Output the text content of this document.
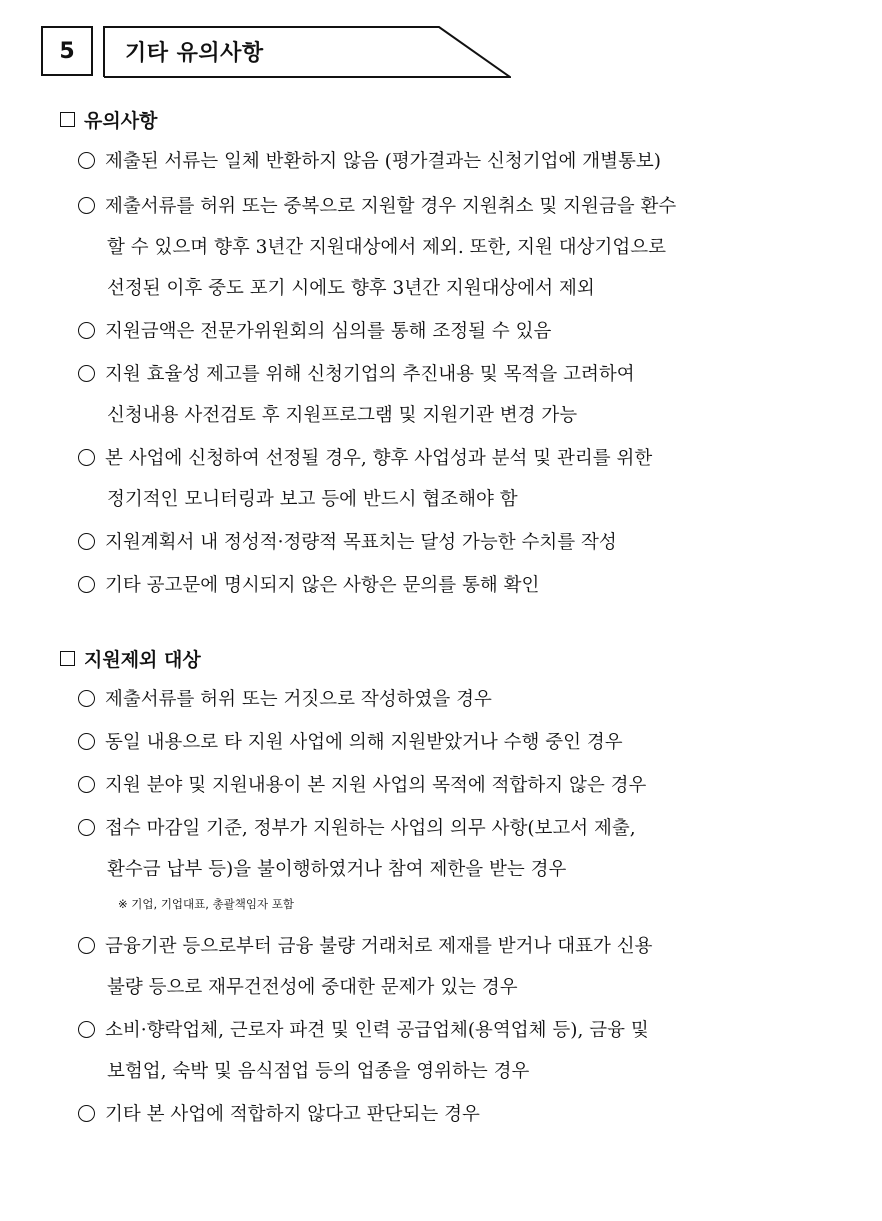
5 기타 유의사항
유의사항
제출된 서류는 일체 반환하지 않음 (평가결과는 신청기업에 개별통보)
제출서류를 허위 또는 중복으로 지원할 경우 지원취소 및 지원금을 환수
할 수 있으며 향후 3년간 지원대상에서 제외. 또한, 지원 대상기업으로
선정된 이후 중도 포기 시에도 향후 3년간 지원대상에서 제외
지원금액은 전문가위원회의 심의를 통해 조정될 수 있음
지원 효율성 제고를 위해 신청기업의 추진내용 및 목적을 고려하여
신청내용 사전검토 후 지원프로그램 및 지원기관 변경 가능
본 사업에 신청하여 선정될 경우, 향후 사업성과 분석 및 관리를 위한
정기적인 모니터링과 보고 등에 반드시 협조해야 함
지원계획서 내 정성적·정량적 목표치는 달성 가능한 수치를 작성
기타 공고문에 명시되지 않은 사항은 문의를 통해 확인
지원제외 대상
제출서류를 허위 또는 거짓으로 작성하였을 경우
동일 내용으로 타 지원 사업에 의해 지원받았거나 수행 중인 경우
지원 분야 및 지원내용이 본 지원 사업의 목적에 적합하지 않은 경우
접수 마감일 기준, 정부가 지원하는 사업의 의무 사항(보고서 제출,
환수금 납부 등)을 불이행하였거나 참여 제한을 받는 경우
※ 기업, 기업대표, 총괄책임자 포함
금융기관 등으로부터 금융 불량 거래처로 제재를 받거나 대표가 신용
불량 등으로 재무건전성에 중대한 문제가 있는 경우
소비·향락업체, 근로자 파견 및 인력 공급업체(용역업체 등), 금융 및
보험업, 숙박 및 음식점업 등의 업종을 영위하는 경우
기타 본 사업에 적합하지 않다고 판단되는 경우
